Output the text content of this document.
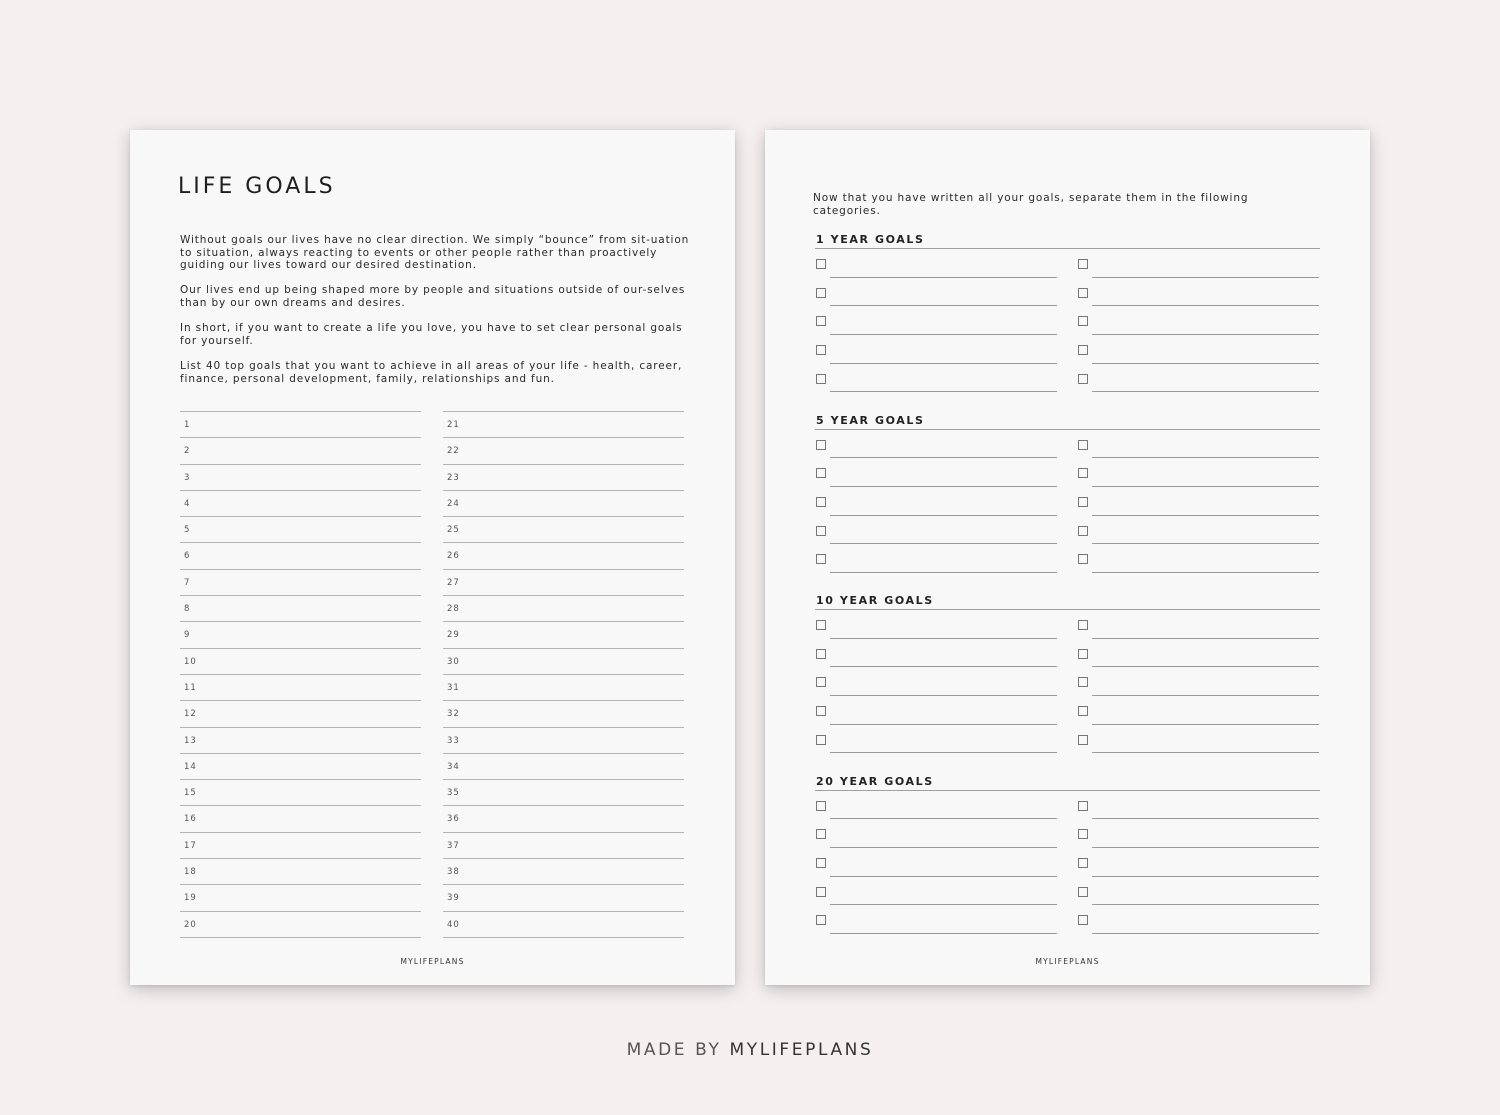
LIFE GOALS

Without goals our lives have no clear direction. We simply “bounce” from sit-uation to situation, always reacting to events or other people rather than proactively guiding our lives toward our desired destination.

Our lives end up being shaped more by people and situations outside of our-selves than by our own dreams and desires.

In short, if you want to create a life you love, you have to set clear personal goals for yourself.

List 40 top goals that you want to achieve in all areas of your life - health, career, finance, personal development, family, relationships and fun.

1
2
3
4
5
6
7
8
9
10
11
12
13
14
15
16
17
18
19
20
21
22
23
24
25
26
27
28
29
30
31
32
33
34
35
36
37
38
39
40
MYLIFEPLANS
Now that you have written all your goals, separate them in the filowing categories.
1 YEAR GOALS
5 YEAR GOALS
10 YEAR GOALS
20 YEAR GOALS
MYLIFEPLANS
MADE BY MYLIFEPLANS
